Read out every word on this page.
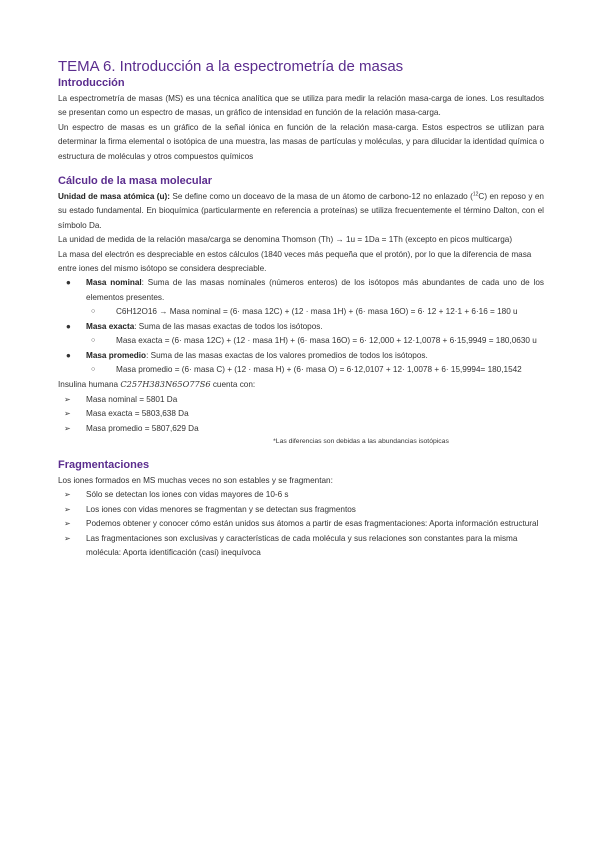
TEMA 6. Introducción a la espectrometría de masas
Introducción

La espectrometría de masas (MS) es una técnica analítica que se utiliza para medir la relación masa-carga de iones. Los resultados se presentan como un espectro de masas, un gráfico de intensidad en función de la relación masa-carga.

Un espectro de masas es un gráfico de la señal iónica en función de la relación masa-carga. Estos espectros se utilizan para determinar la firma elemental o isotópica de una muestra, las masas de partículas y moléculas, y para dilucidar la identidad química o estructura de moléculas y otros compuestos químicos

Cálculo de la masa molecular

Unidad de masa atómica (u): Se define como un doceavo de la masa de un átomo de carbono-12 no enlazado ($^{12}$C) en reposo y en su estado fundamental. En bioquímica (particularmente en referencia a proteínas) se utiliza frecuentemente el término Dalton, con el símbolo Da.

La unidad de medida de la relación masa/carga se denomina Thomson (Th) → 1u = 1Da = 1Th (excepto en picos multicarga)

La masa del electrón es despreciable en estos cálculos (1840 veces más pequeña que el protón), por lo que la diferencia de masa entre iones del mismo isótopo se considera despreciable.

● Masa nominal: Suma de las masas nominales (números enteros) de los isótopos más abundantes de cada uno de los elementos presentes.
○	C6H12O16 → Masa nominal = (6· masa 12C) + (12 · masa 1H) + (6· masa 16O) = 6· 12 + 12·1 + 6·16 = 180 u
● Masa exacta: Suma de las masas exactas de todos los isótopos.
○	Masa exacta = (6· masa 12C) + (12 · masa 1H) + (6· masa 16O) = 6· 12,000 + 12·1,0078 + 6·15,9949 = 180,0630 u
● Masa promedio: Suma de las masas exactas de los valores promedios de todos los isótopos.
○	Masa promedio = (6· masa C) + (12 · masa H) + (6· masa O) = 6·12,0107 + 12· 1,0078 + 6· 15,9994= 180,1542

Insulina humana C257H383N65O77S6 cuenta con:

➢ Masa nominal = 5801 Da
➢ Masa exacta = 5803,638 Da
➢ Masa promedio = 5807,629 Da
*Las diferencias son debidas a las abundancias isotópicas
Fragmentaciones

Los iones formados en MS muchas veces no son estables y se fragmentan:

➢ Sólo se detectan los iones con vidas mayores de 10-6 s
➢ Los iones con vidas menores se fragmentan y se detectan sus fragmentos
➢ Podemos obtener y conocer cómo están unidos sus átomos a partir de esas fragmentaciones: Aporta información estructural
➢ Las fragmentaciones son exclusivas y características de cada molécula y sus relaciones son constantes para la misma molécula: Aporta identificación (casi) inequívoca
